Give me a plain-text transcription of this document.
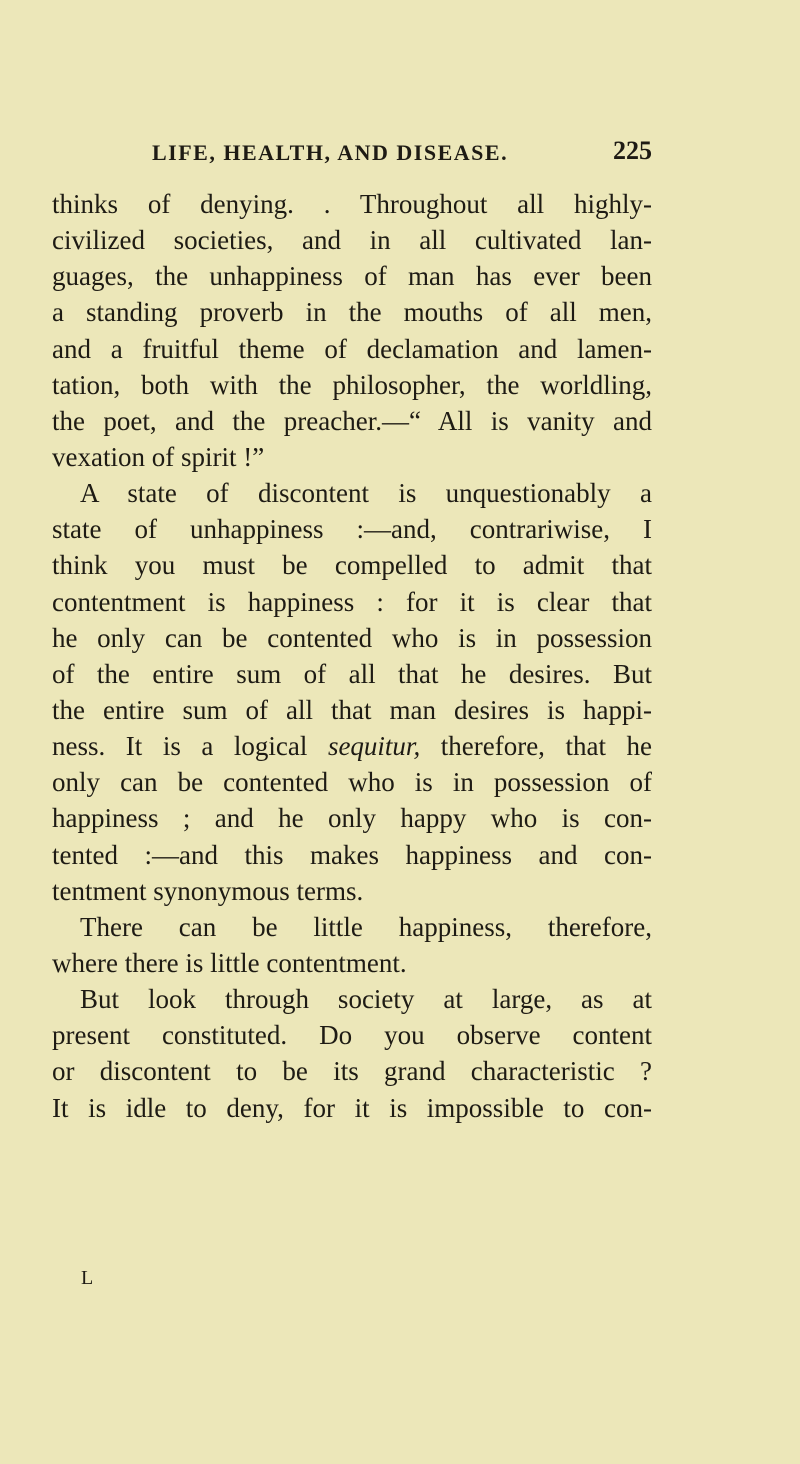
LIFE, HEALTH, AND DISEASE.	225
thinks of denying. . Throughout all highly-
civilized societies, and in all cultivated lan-
guages, the unhappiness of man has ever been
a standing proverb in the mouths of all men,
and a fruitful theme of declamation and lamen-
tation, both with the philosopher, the worldling,
the poet, and the preacher.—“ All is vanity and
vexation of spirit !”
A state of discontent is unquestionably a
state of unhappiness :—and, contrariwise, I
think you must be compelled to admit that
contentment is happiness : for it is clear that
he only can be contented who is in possession
of the entire sum of all that he desires. But
the entire sum of all that man desires is happi-
ness. It is a logical sequitur, therefore, that he
only can be contented who is in possession of
happiness ; and he only happy who is con-
tented :—and this makes happiness and con-
tentment synonymous terms.
There can be little happiness, therefore,
where there is little contentment.
But look through society at large, as at
present constituted. Do you observe content
or discontent to be its grand characteristic ?
It is idle to deny, for it is impossible to con-
L
